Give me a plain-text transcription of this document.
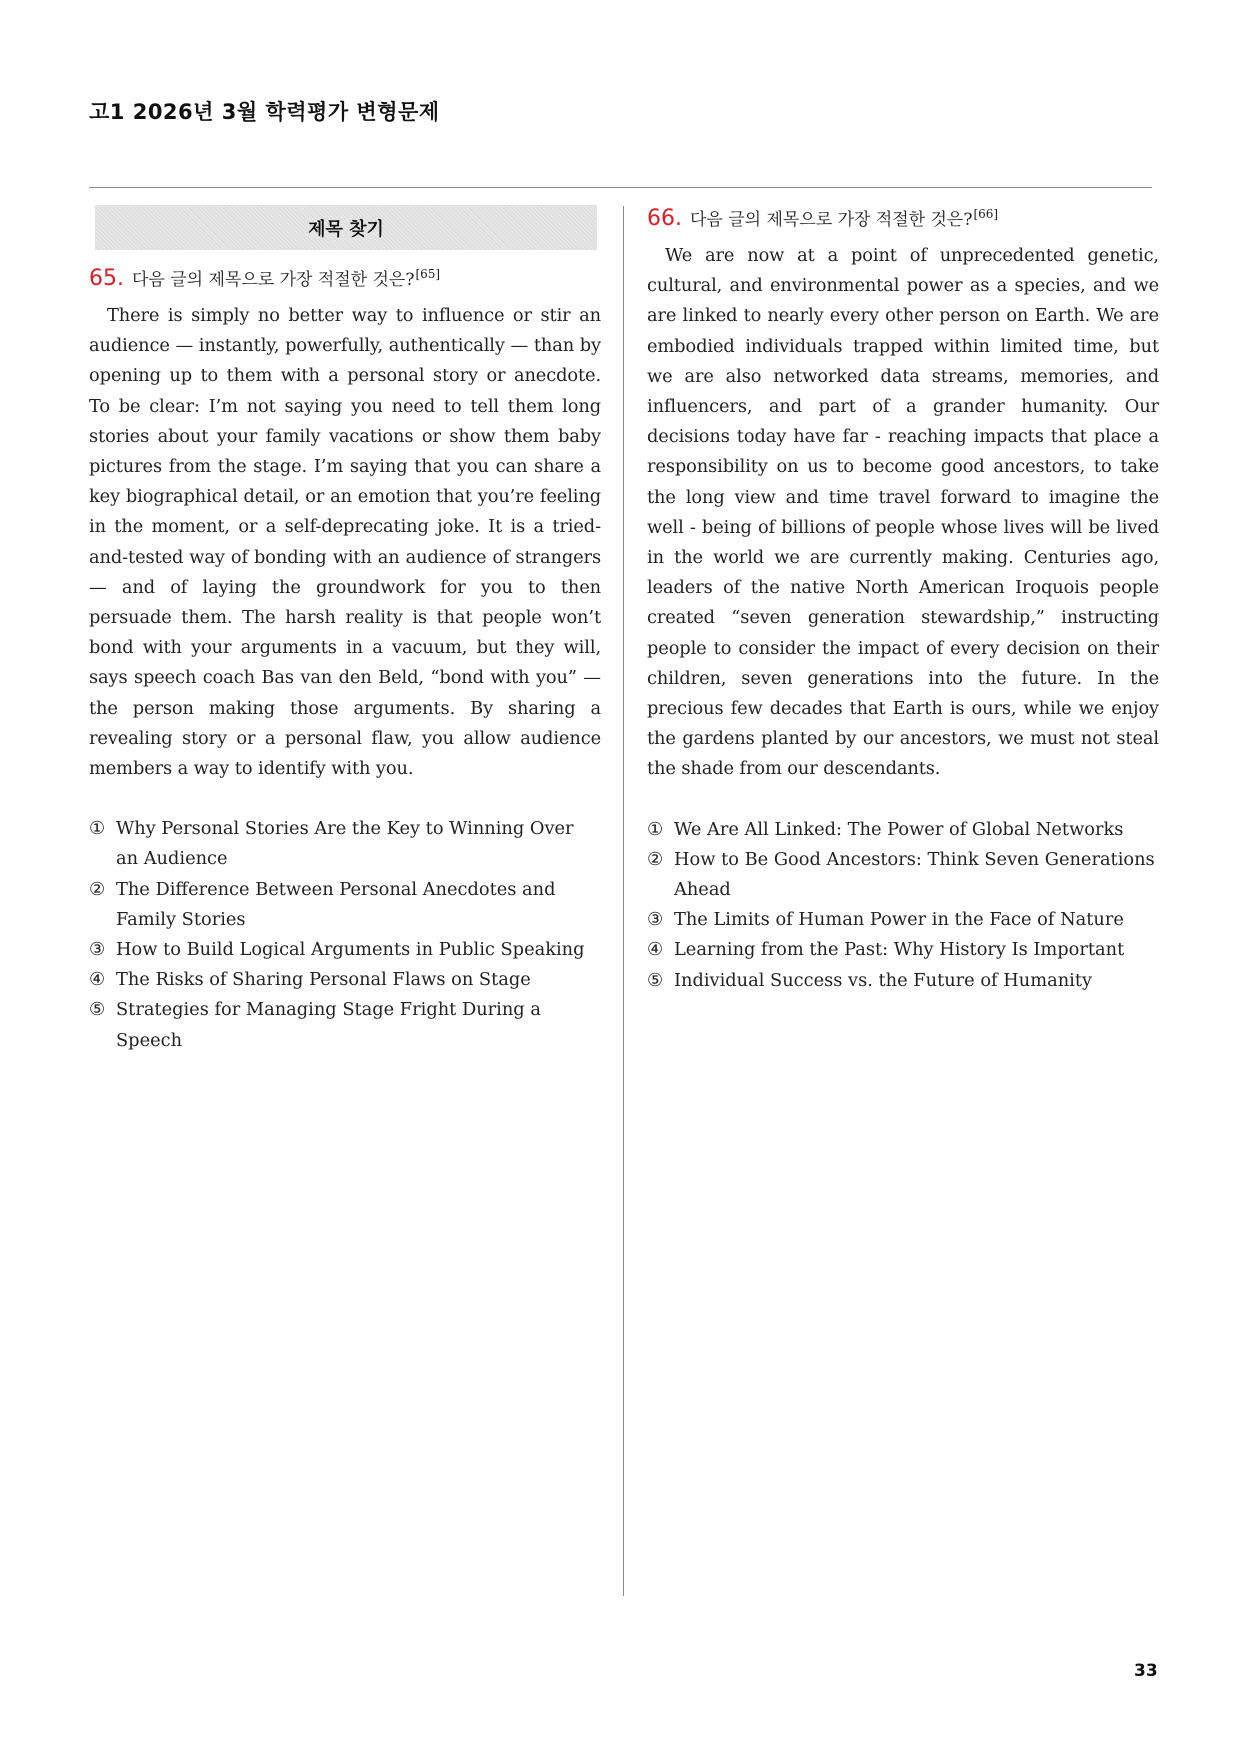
고1 2026년 3월 학력평가 변형문제
제목 찾기
65. 다음 글의 제목으로 가장 적절한 것은?[65]

There is simply no better way to influence or stir an audience — instantly, powerfully, authentically — than by opening up to them with a personal story or anecdote. To be clear: I’m not saying you need to tell them long stories about your family vacations or show them baby pictures from the stage. I’m saying that you can share a key biographical detail, or an emotion that you’re feeling in the moment, or a self-deprecating joke. It is a tried-and-tested way of bonding with an audience of strangers — and of laying the groundwork for you to then persuade them. The harsh reality is that people won’t bond with your arguments in a vacuum, but they will, says speech coach Bas van den Beld, “bond with you” — the person making those arguments. By sharing a revealing story or a personal flaw, you allow audience members a way to identify with you.

① Why Personal Stories Are the Key to Winning Over an Audience
② The Difference Between Personal Anecdotes and Family Stories
③ How to Build Logical Arguments in Public Speaking
④ The Risks of Sharing Personal Flaws on Stage
⑤ Strategies for Managing Stage Fright During a Speech
66. 다음 글의 제목으로 가장 적절한 것은?[66]

We are now at a point of unprecedented genetic, cultural, and environmental power as a species, and we are linked to nearly every other person on Earth. We are embodied individuals trapped within limited time, but we are also networked data streams, memories, and influencers, and part of a grander humanity. Our decisions today have far - reaching impacts that place a responsibility on us to become good ancestors, to take the long view and time travel forward to imagine the well - being of billions of people whose lives will be lived in the world we are currently making. Centuries ago, leaders of the native North American Iroquois people created “seven generation stewardship,” instructing people to consider the impact of every decision on their children, seven generations into the future. In the precious few decades that Earth is ours, while we enjoy the gardens planted by our ancestors, we must not steal the shade from our descendants.

① We Are All Linked: The Power of Global Networks
② How to Be Good Ancestors: Think Seven Generations Ahead
③ The Limits of Human Power in the Face of Nature
④ Learning from the Past: Why History Is Important
⑤ Individual Success vs. the Future of Humanity
33
